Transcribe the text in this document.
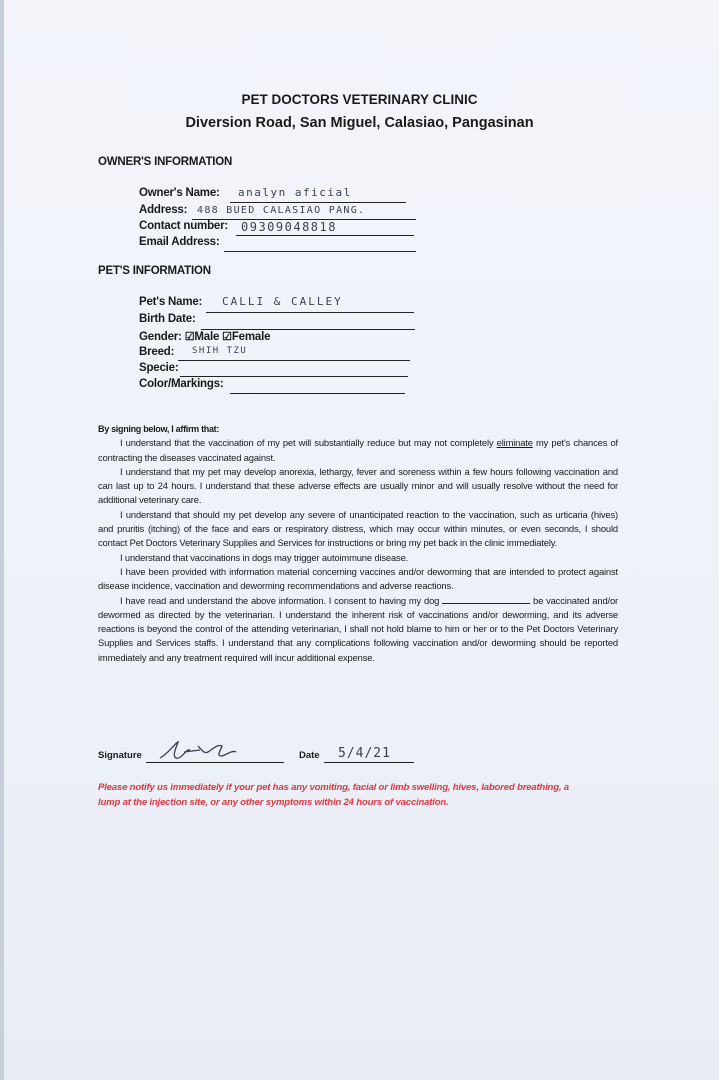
PET DOCTORS VETERINARY CLINIC
Diversion Road, San Miguel, Calasiao, Pangasinan
OWNER'S INFORMATION
Owner's Name: analyn aficial
Address: 488 BUED CALASIAO PANG.
Contact number: 09309048818
Email Address:
PET'S INFORMATION
Pet's Name: CALLI & CALLEY
Birth Date:
Gender: ☑Male ☑Female
Breed: SHIH TZU
Specie:
Color/Markings:

By signing below, I affirm that:

I understand that the vaccination of my pet will substantially reduce but may not completely eliminate my pet's chances of contracting the diseases vaccinated against.

I understand that my pet may develop anorexia, lethargy, fever and soreness within a few hours following vaccination and can last up to 24 hours. I understand that these adverse effects are usually minor and will usually resolve without the need for additional veterinary care.

I understand that should my pet develop any severe of unanticipated reaction to the vaccination, such as urticaria (hives) and pruritis (itching) of the face and ears or respiratory distress, which may occur within minutes, or even seconds, I should contact Pet Doctors Veterinary Supplies and Services for instructions or bring my pet back in the clinic immediately.

I understand that vaccinations in dogs may trigger autoimmune disease.

I have been provided with information material concerning vaccines and/or deworming that are intended to protect against disease incidence, vaccination and deworming recommendations and adverse reactions.

I have read and understand the above information. I consent to having my dog	be vaccinated and/or dewormed as directed by the veterinarian. I understand the inherent risk of vaccinations and/or deworming, and its adverse reactions is beyond the control of the attending veterinarian, I shall not hold blame to him or her or to the Pet Doctors Veterinary Supplies and Services staffs. I understand that any complications following vaccination and/or deworming should be reported immediately and any treatment required will incur additional expense.

Signature	Date 5/4/21
Please notify us immediately if your pet has any vomiting, facial or limb swelling, hives, labored breathing, a lump at the injection site, or any other symptoms within 24 hours of vaccination.
